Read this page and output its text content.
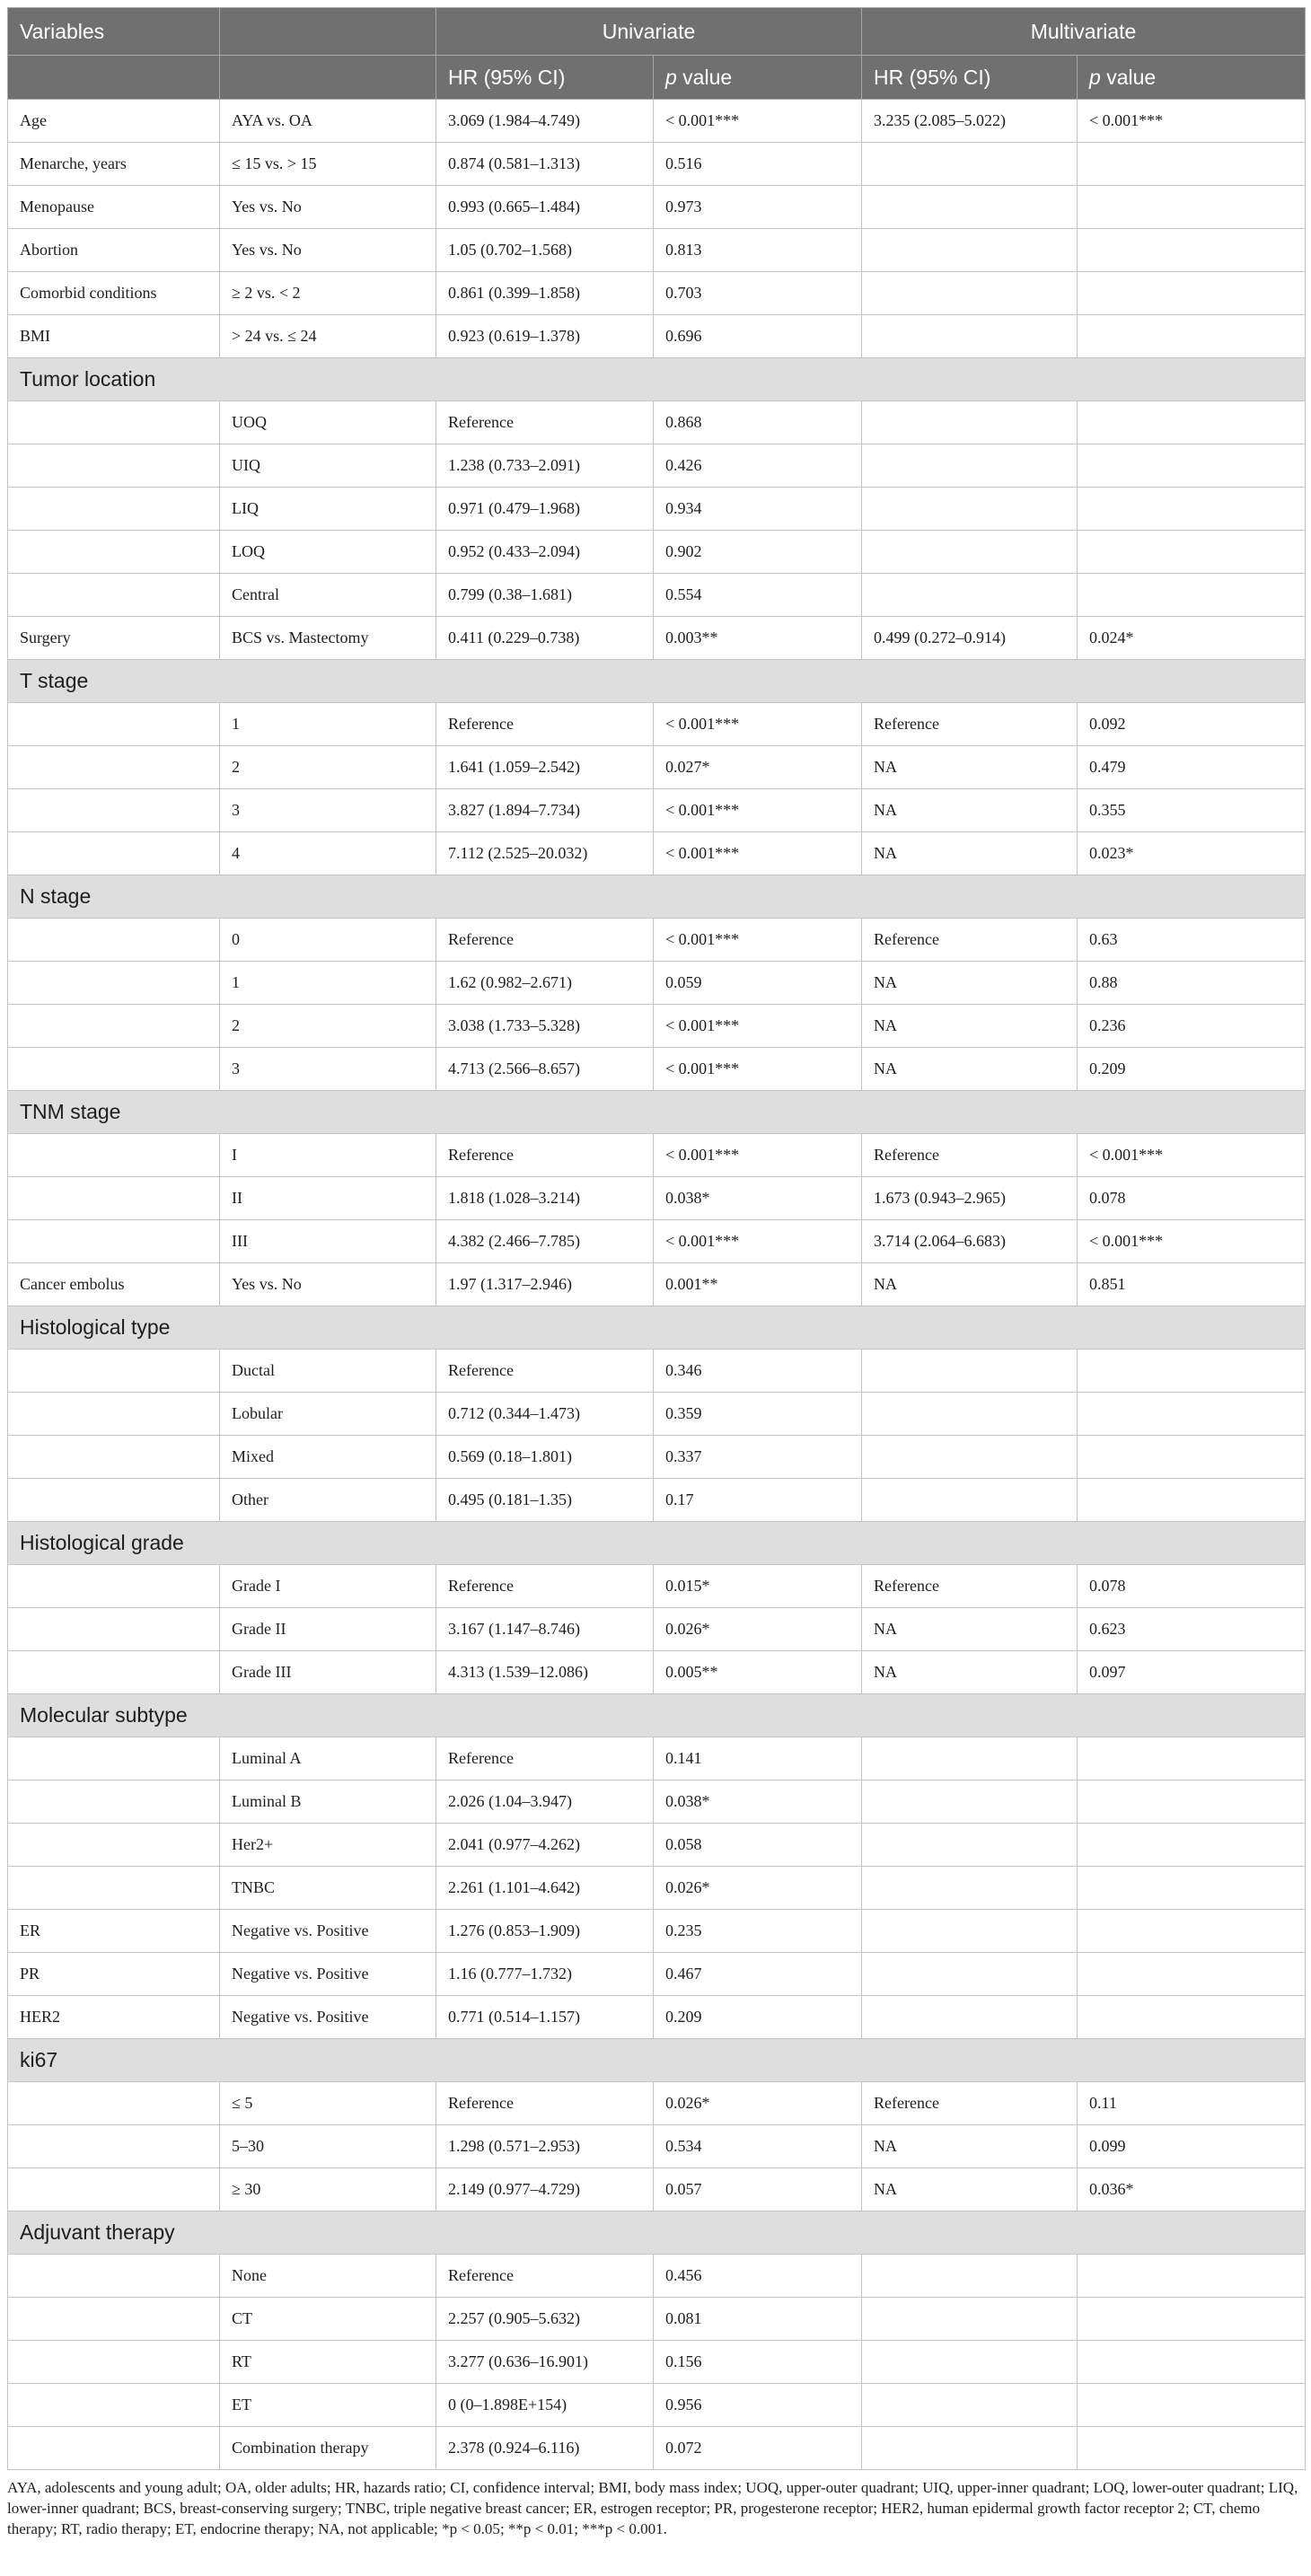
Variables		Univariate		Multivariate	
		HR (95% CI)	p value	HR (95% CI)	p value
Age	AYA vs. OA	3.069 (1.984–4.749)	< 0.001***	3.235 (2.085–5.022)	< 0.001***
Menarche, years	≤ 15 vs. > 15	0.874 (0.581–1.313)	0.516		
Menopause	Yes vs. No	0.993 (0.665–1.484)	0.973		
Abortion	Yes vs. No	1.05 (0.702–1.568)	0.813		
Comorbid conditions	≥ 2 vs. < 2	0.861 (0.399–1.858)	0.703		
BMI	> 24 vs. ≤ 24	0.923 (0.619–1.378)	0.696		
Tumor location					
	UOQ	Reference	0.868		
	UIQ	1.238 (0.733–2.091)	0.426		
	LIQ	0.971 (0.479–1.968)	0.934		
	LOQ	0.952 (0.433–2.094)	0.902		
	Central	0.799 (0.38–1.681)	0.554		
Surgery	BCS vs. Mastectomy	0.411 (0.229–0.738)	0.003**	0.499 (0.272–0.914)	0.024*
T stage					
	1	Reference	< 0.001***	Reference	0.092
	2	1.641 (1.059–2.542)	0.027*	NA	0.479
	3	3.827 (1.894–7.734)	< 0.001***	NA	0.355
	4	7.112 (2.525–20.032)	< 0.001***	NA	0.023*
N stage					
	0	Reference	< 0.001***	Reference	0.63
	1	1.62 (0.982–2.671)	0.059	NA	0.88
	2	3.038 (1.733–5.328)	< 0.001***	NA	0.236
	3	4.713 (2.566–8.657)	< 0.001***	NA	0.209
TNM stage					
	I	Reference	< 0.001***	Reference	< 0.001***
	II	1.818 (1.028–3.214)	0.038*	1.673 (0.943–2.965)	0.078
	III	4.382 (2.466–7.785)	< 0.001***	3.714 (2.064–6.683)	< 0.001***
Cancer embolus	Yes vs. No	1.97 (1.317–2.946)	0.001**	NA	0.851
Histological type					
	Ductal	Reference	0.346		
	Lobular	0.712 (0.344–1.473)	0.359		
	Mixed	0.569 (0.18–1.801)	0.337		
	Other	0.495 (0.181–1.35)	0.17		
Histological grade					
	Grade I	Reference	0.015*	Reference	0.078
	Grade II	3.167 (1.147–8.746)	0.026*	NA	0.623
	Grade III	4.313 (1.539–12.086)	0.005**	NA	0.097
Molecular subtype					
	Luminal A	Reference	0.141		
	Luminal B	2.026 (1.04–3.947)	0.038*		
	Her2+	2.041 (0.977–4.262)	0.058		
	TNBC	2.261 (1.101–4.642)	0.026*		
ER	Negative vs. Positive	1.276 (0.853–1.909)	0.235		
PR	Negative vs. Positive	1.16 (0.777–1.732)	0.467		
HER2	Negative vs. Positive	0.771 (0.514–1.157)	0.209		
ki67					
	≤ 5	Reference	0.026*	Reference	0.11
	5–30	1.298 (0.571–2.953)	0.534	NA	0.099
	≥ 30	2.149 (0.977–4.729)	0.057	NA	0.036*
Adjuvant therapy					
	None	Reference	0.456		
	CT	2.257 (0.905–5.632)	0.081		
	RT	3.277 (0.636–16.901)	0.156		
	ET	0 (0–1.898E+154)	0.956		
	Combination therapy	2.378 (0.924–6.116)	0.072		
AYA, adolescents and young adult; OA, older adults; HR, hazards ratio; CI, confidence interval; BMI, body mass index; UOQ, upper-outer quadrant; UIQ, upper-inner quadrant; LOQ, lower-outer quadrant; LIQ, lower-inner quadrant; BCS, breast-conserving surgery; TNBC, triple negative breast cancer; ER, estrogen receptor; PR, progesterone receptor; HER2, human epidermal growth factor receptor 2; CT, chemo therapy; RT, radio therapy; ET, endocrine therapy; NA, not applicable; *p < 0.05; **p < 0.01; ***p < 0.001.
